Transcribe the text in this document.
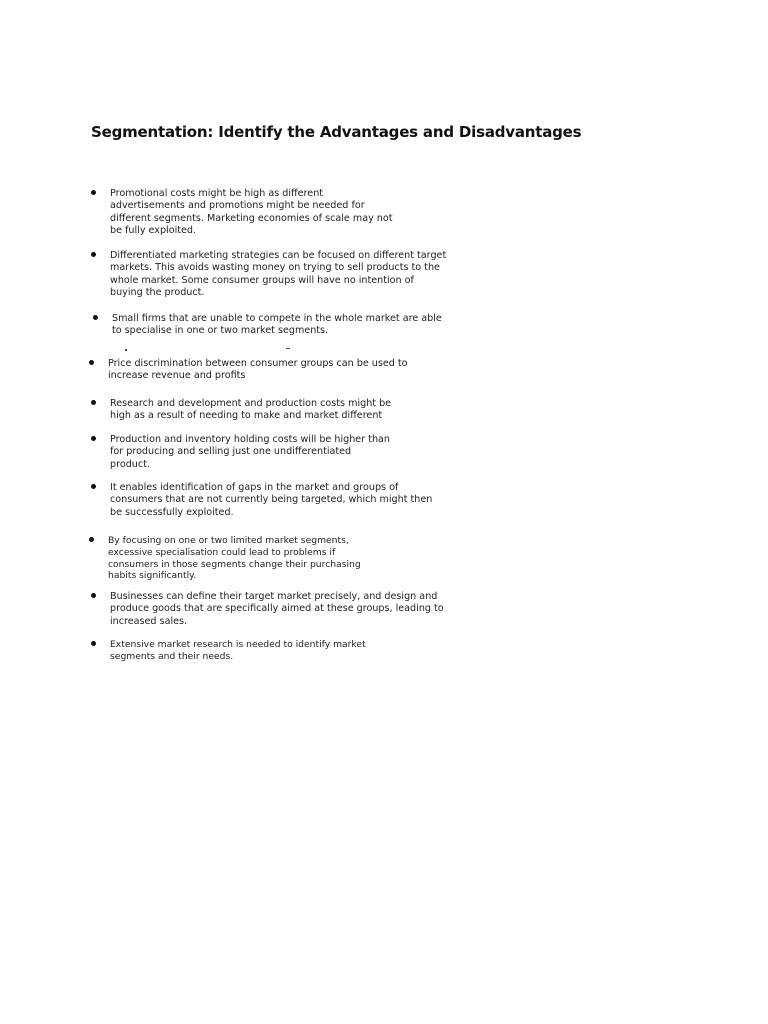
Segmentation: Identify the Advantages and Disadvantages
Promotional costs might be high as different
advertisements and promotions might be needed for
different segments. Marketing economies of scale may not
be fully exploited.
Differentiated marketing strategies can be focused on different target
markets. This avoids wasting money on trying to sell products to the
whole market. Some consumer groups will have no intention of
buying the product.
Small firms that are unable to compete in the whole market are able
to specialise in one or two market segments.
Price discrimination between consumer groups can be used to
increase revenue and profits
Research and development and production costs might be
high as a result of needing to make and market different
Production and inventory holding costs will be higher than
for producing and selling just one undifferentiated
product.
It enables identification of gaps in the market and groups of
consumers that are not currently being targeted, which might then
be successfully exploited.
By focusing on one or two limited market segments,
excessive specialisation could lead to problems if
consumers in those segments change their purchasing
habits significantly.
Businesses can define their target market precisely, and design and
produce goods that are specifically aimed at these groups, leading to
increased sales.
Extensive market research is needed to identify market
segments and their needs.
